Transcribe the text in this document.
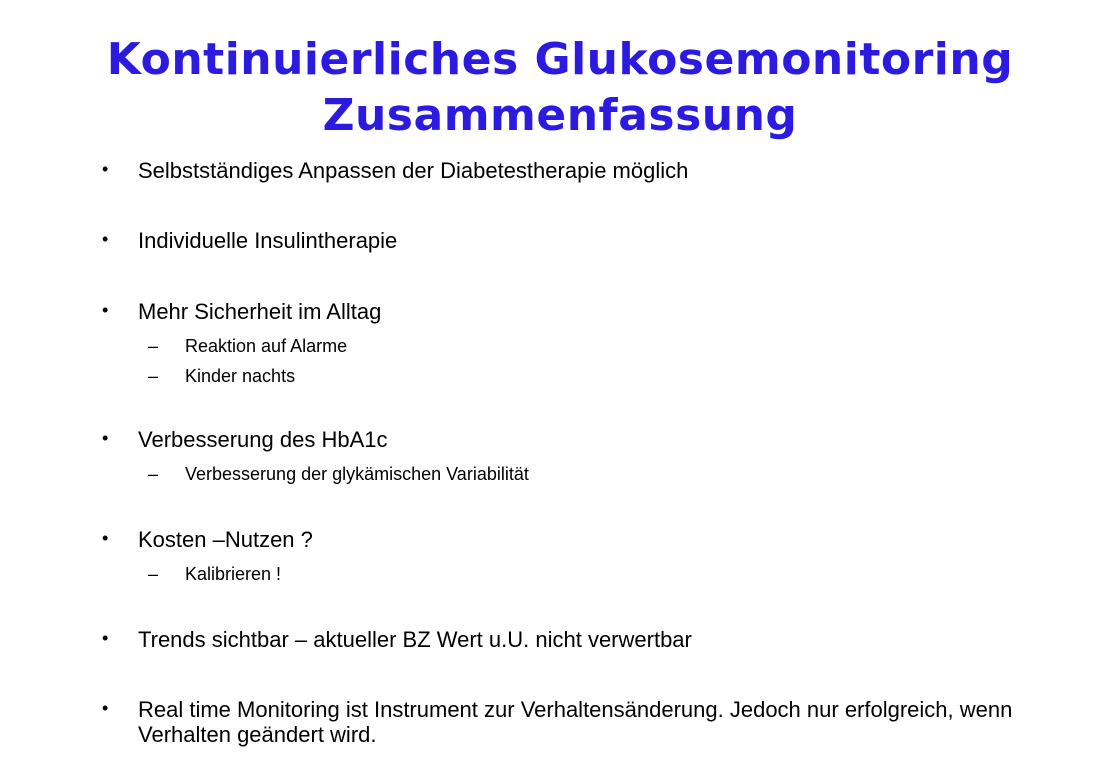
Kontinuierliches Glukosemonitoring
Zusammenfassung
• Selbstständiges Anpassen der Diabetestherapie möglich
• Individuelle Insulintherapie
• Mehr Sicherheit im Alltag
– Reaktion auf Alarme
– Kinder nachts
• Verbesserung des HbA1c
– Verbesserung der glykämischen Variabilität
• Kosten –Nutzen ?
– Kalibrieren !
• Trends sichtbar – aktueller BZ Wert u.U. nicht verwertbar
• Real time Monitoring ist Instrument zur Verhaltensänderung. Jedoch nur erfolgreich, wenn Verhalten geändert wird.
